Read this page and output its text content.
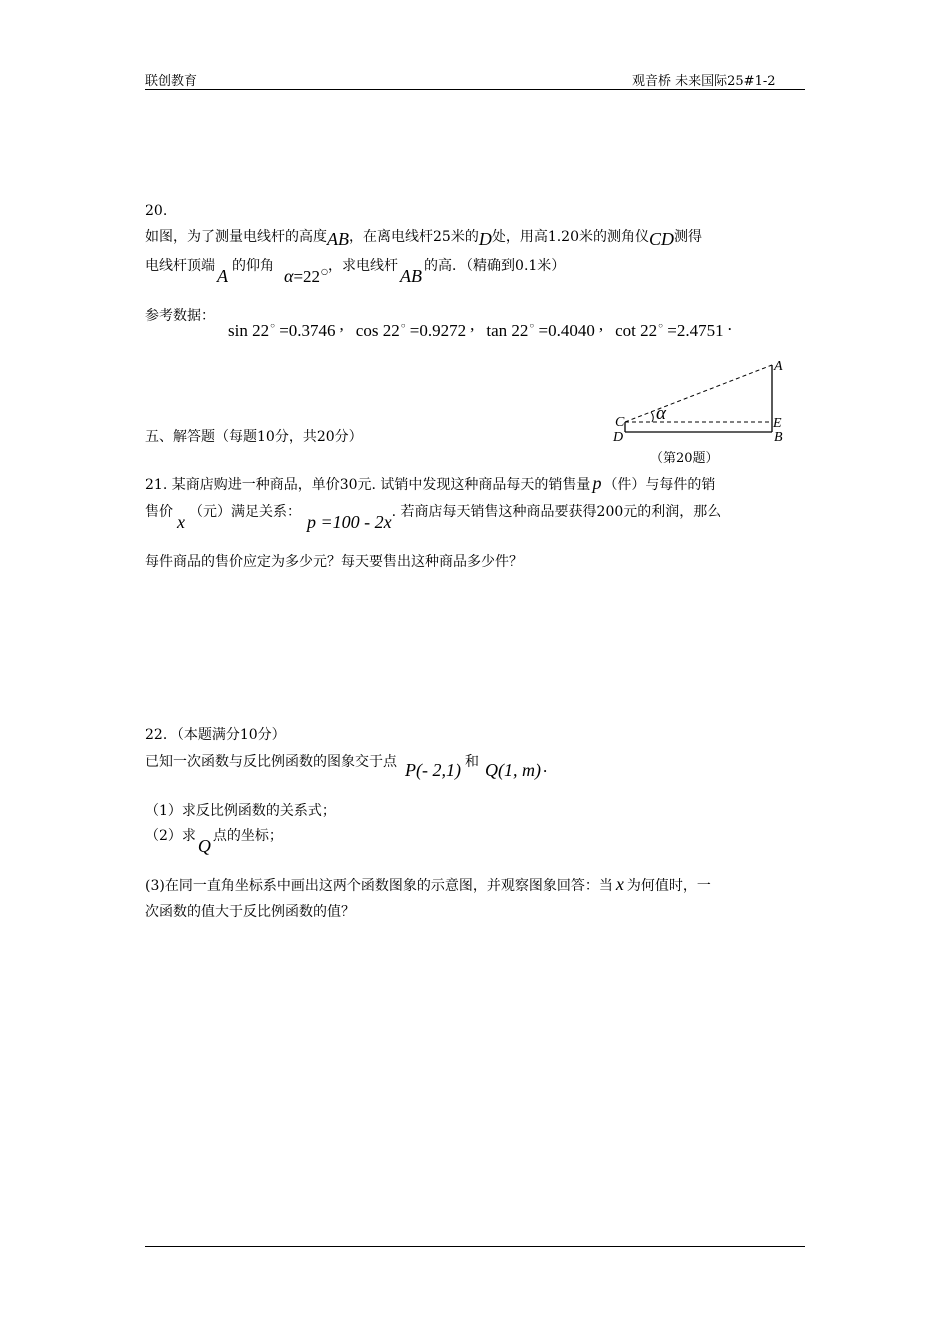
联创教育	观音桥 未来国际25#1-2
20.
如图，为了测量电线杆的高度AB，在离电线杆25米的D处，用高1.20米的测角仪CD测得
电线杆顶端 A 的仰角 α=22○，求电线杆 AB 的高．（精确到0.1米）
参考数据：
sin 22○ =0.3746 , cos 22○ =0.9272 , tan 22○ =0.4040 , cot 22○ =2.4751 .
A
B
C
D
E
α
（第20题）
五、解答题（每题10分，共20分）
21. 某商店购进一种商品，单价30元. 试销中发现这种商品每天的销售量 p （件）与每件的销
售价 x （元）满足关系： p =100 - 2x. 若商店每天销售这种商品要获得200元的利润，那么
每件商品的售价应定为多少元？每天要售出这种商品多少件？
22．（本题满分10分）
已知一次函数与反比例函数的图象交于点 P(- 2,1) 和 Q(1, m) .
（1）求反比例函数的关系式；
（2）求 Q 点的坐标；
(3)在同一直角坐标系中画出这两个函数图象的示意图，并观察图象回答：当 x 为何值时，一
次函数的值大于反比例函数的值？
